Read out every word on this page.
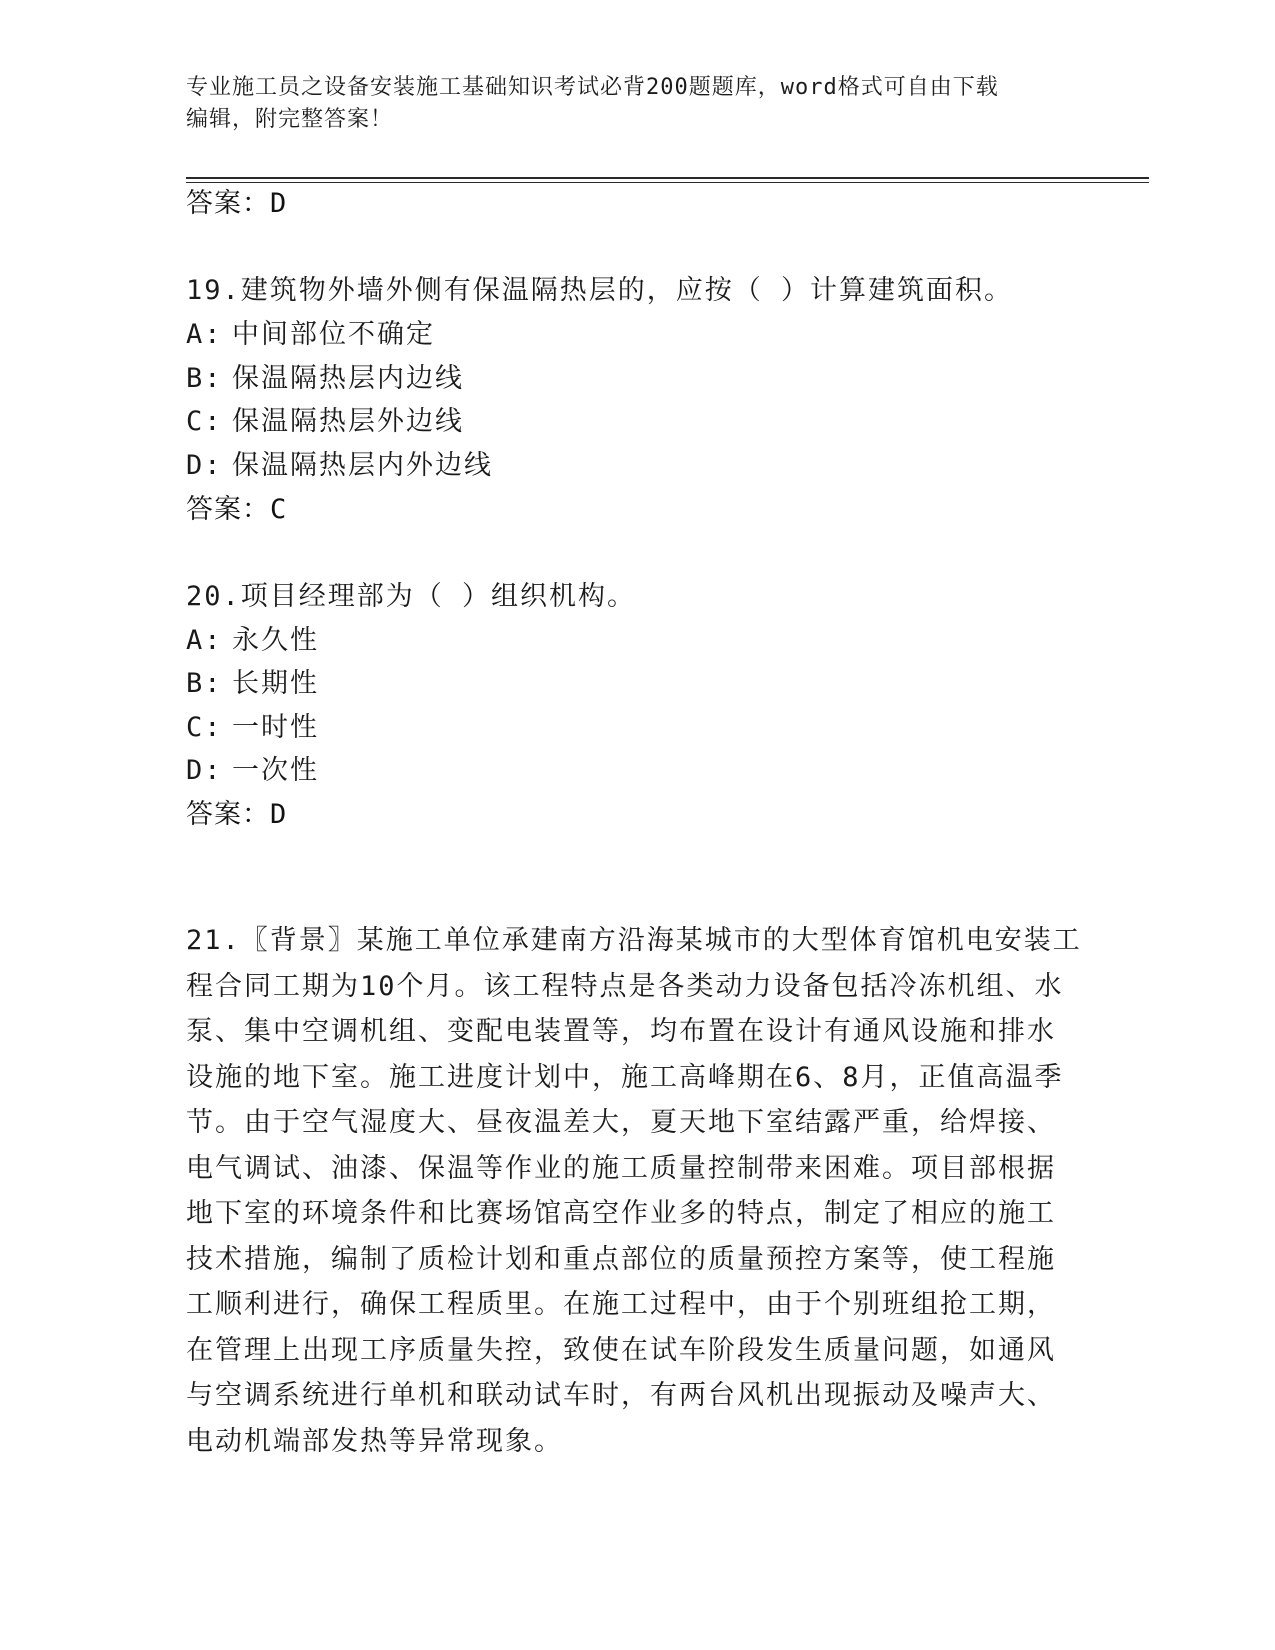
专业施工员之设备安装施工基础知识考试必背200题题库，word格式可自由下载
编辑，附完整答案！
答案：D
19.建筑物外墙外侧有保温隔热层的，应按（ ）计算建筑面积。
A: 中间部位不确定
B: 保温隔热层内边线
C: 保温隔热层外边线
D: 保温隔热层内外边线
答案：C
20.项目经理部为（ ）组织机构。
A: 永久性
B: 长期性
C: 一时性
D: 一次性
答案：D
21.〖背景〗某施工单位承建南方沿海某城市的大型体育馆机电安装工
程合同工期为10个月。该工程特点是各类动力设备包括冷冻机组、水
泵、集中空调机组、变配电装置等，均布置在设计有通风设施和排水
设施的地下室。施工进度计划中，施工高峰期在6、8月，正值高温季
节。由于空气湿度大、昼夜温差大，夏天地下室结露严重，给焊接、
电气调试、油漆、保温等作业的施工质量控制带来困难。项目部根据
地下室的环境条件和比赛场馆高空作业多的特点，制定了相应的施工
技术措施，编制了质检计划和重点部位的质量预控方案等，使工程施
工顺利进行，确保工程质里。在施工过程中，由于个别班组抢工期，
在管理上出现工序质量失控，致使在试车阶段发生质量问题，如通风
与空调系统进行单机和联动试车时，有两台风机出现振动及噪声大、
电动机端部发热等异常现象。
